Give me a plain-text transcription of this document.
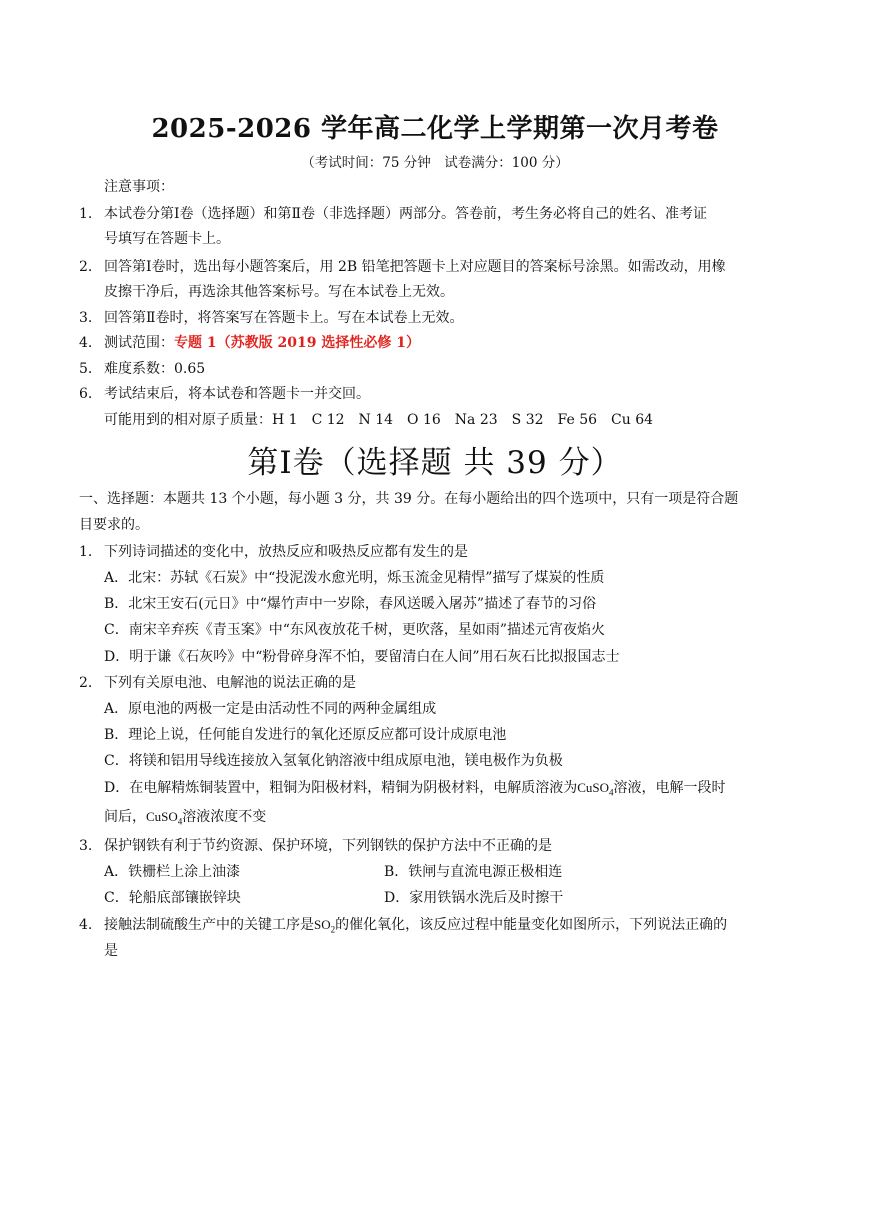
2025-2026 学年高二化学上学期第一次月考卷
（考试时间：75 分钟　试卷满分：100 分）
注意事项：
1. 本试卷分第Ⅰ卷（选择题）和第Ⅱ卷（非选择题）两部分。答卷前，考生务必将自己的姓名、准考证
号填写在答题卡上。
2. 回答第Ⅰ卷时，选出每小题答案后，用 2B 铅笔把答题卡上对应题目的答案标号涂黑。如需改动，用橡
皮擦干净后，再选涂其他答案标号。写在本试卷上无效。
3. 回答第Ⅱ卷时，将答案写在答题卡上。写在本试卷上无效。
4. 测试范围：专题 1（苏教版 2019 选择性必修 1）
5. 难度系数：0.65
6. 考试结束后，将本试卷和答题卡一并交回。
可能用到的相对原子质量：H 1　C 12　N 14　O 16　Na 23　S 32　Fe 56　Cu 64
第Ⅰ卷（选择题 共 39 分）
一、选择题：本题共 13 个小题，每小题 3 分，共 39 分。在每小题给出的四个选项中，只有一项是符合题
目要求的。
1. 下列诗词描述的变化中，放热反应和吸热反应都有发生的是
A．北宋：苏轼《石炭》中“投泥泼水愈光明，烁玉流金见精悍”描写了煤炭的性质
B．北宋王安石(元日》中“爆竹声中一岁除，春风送暖入屠苏”描述了春节的习俗
C．南宋辛弃疾《青玉案》中“东风夜放花千树，更吹落，星如雨”描述元宵夜焰火
D．明于谦《石灰吟》中“粉骨碎身浑不怕，要留清白在人间”用石灰石比拟报国志士
2. 下列有关原电池、电解池的说法正确的是
A．原电池的两极一定是由活动性不同的两种金属组成
B．理论上说，任何能自发进行的氧化还原反应都可设计成原电池
C．将镁和铝用导线连接放入氢氧化钠溶液中组成原电池，镁电极作为负极
D．在电解精炼铜装置中，粗铜为阳极材料，精铜为阴极材料，电解质溶液为CuSO$_4$溶液，电解一段时
间后，CuSO$_4$溶液浓度不变
3. 保护钢铁有利于节约资源、保护环境，下列钢铁的保护方法中不正确的是
A．铁栅栏上涂上油漆	B．铁闸与直流电源正极相连
C．轮船底部镶嵌锌块	D．家用铁锅水洗后及时擦干
4. 接触法制硫酸生产中的关键工序是$SO_2$的催化氧化，该反应过程中能量变化如图所示，下列说法正确的
是
